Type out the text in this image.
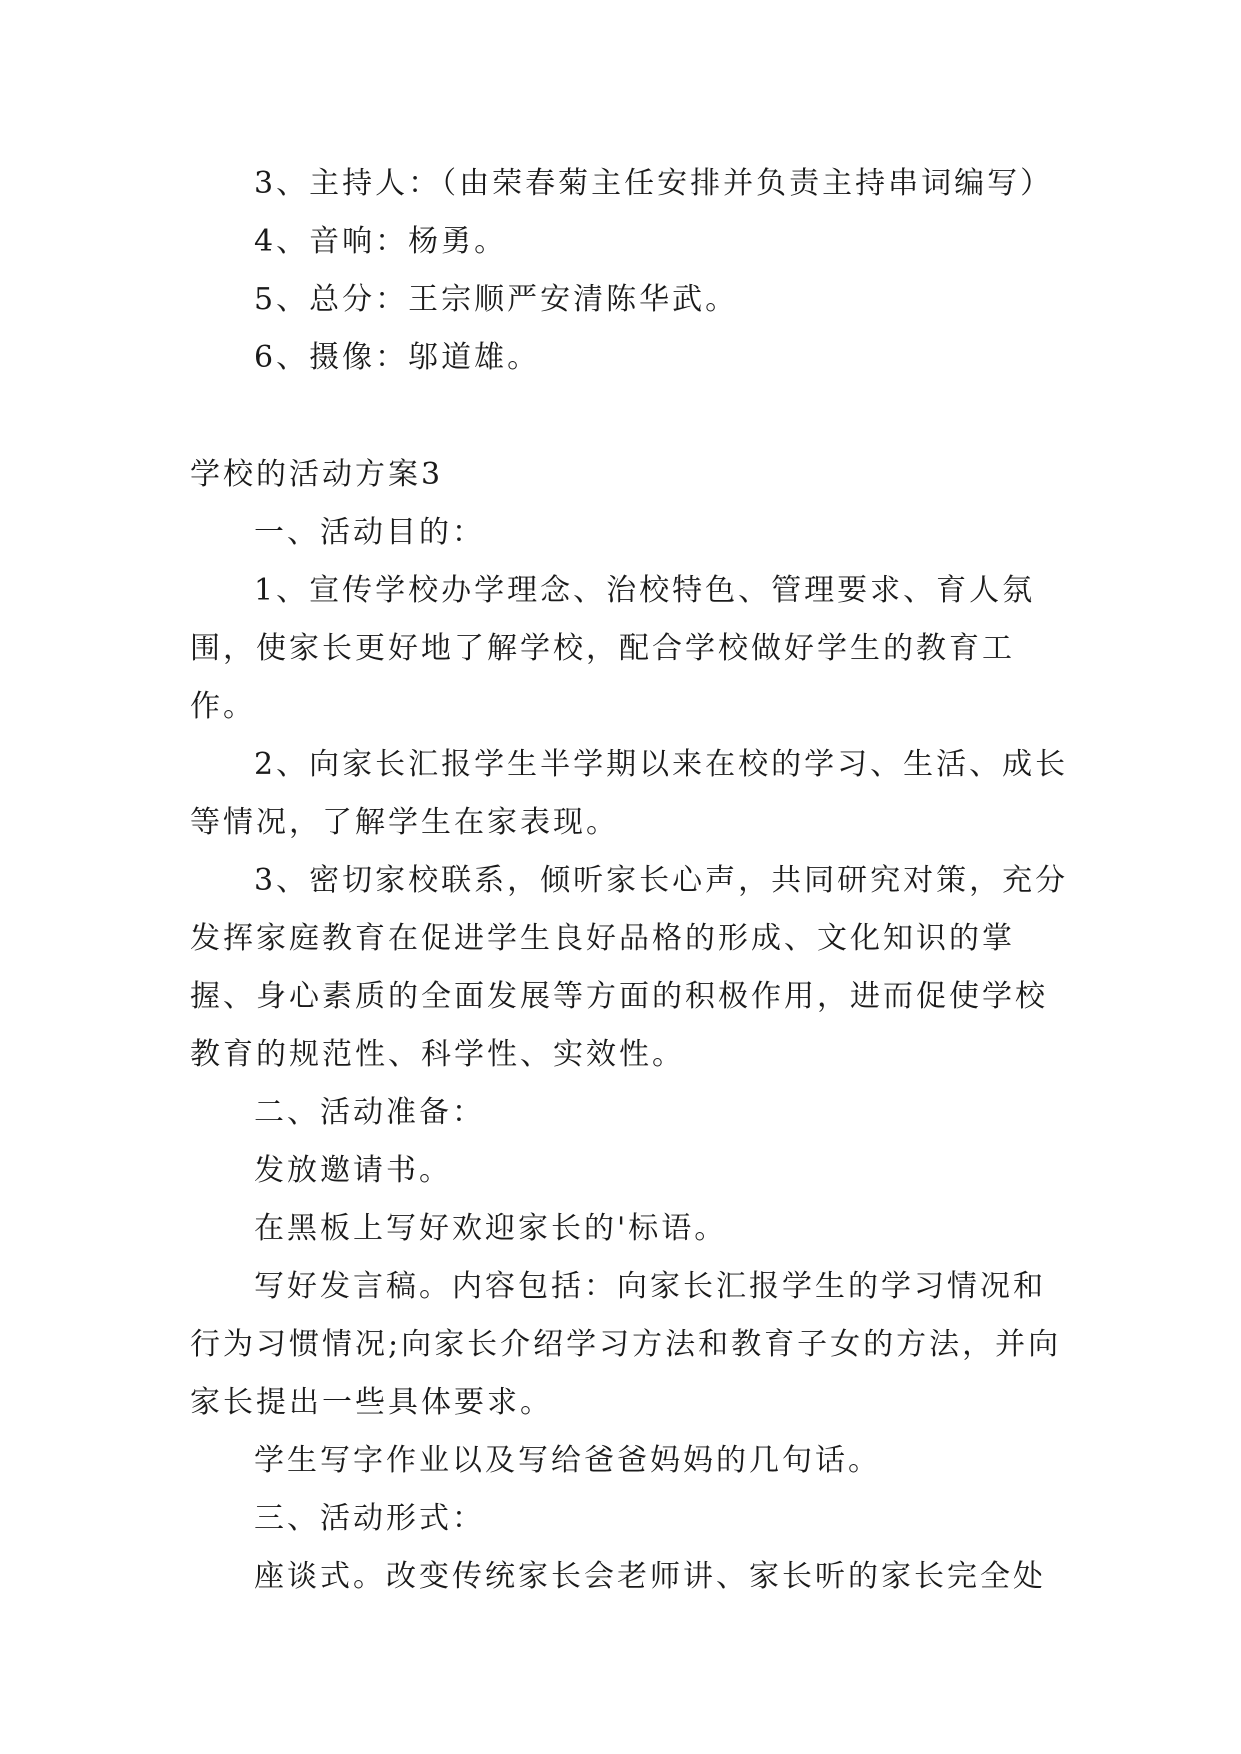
3、主持人：（由荣春菊主任安排并负责主持串词编写）

4、音响：杨勇。

5、总分：王宗顺严安清陈华武。

6、摄像：邬道雄。

学校的活动方案3

一、活动目的：

1、宣传学校办学理念、治校特色、管理要求、育人氛围，使家长更好地了解学校，配合学校做好学生的教育工作。

2、向家长汇报学生半学期以来在校的学习、生活、成长等情况，了解学生在家表现。

3、密切家校联系，倾听家长心声，共同研究对策，充分发挥家庭教育在促进学生良好品格的形成、文化知识的掌握、身心素质的全面发展等方面的积极作用，进而促使学校教育的规范性、科学性、实效性。

二、活动准备：

发放邀请书。

在黑板上写好欢迎家长的'标语。

写好发言稿。内容包括：向家长汇报学生的学习情况和行为习惯情况;向家长介绍学习方法和教育子女的方法，并向家长提出一些具体要求。

学生写字作业以及写给爸爸妈妈的几句话。

三、活动形式：

座谈式。改变传统家长会老师讲、家长听的家长完全处
